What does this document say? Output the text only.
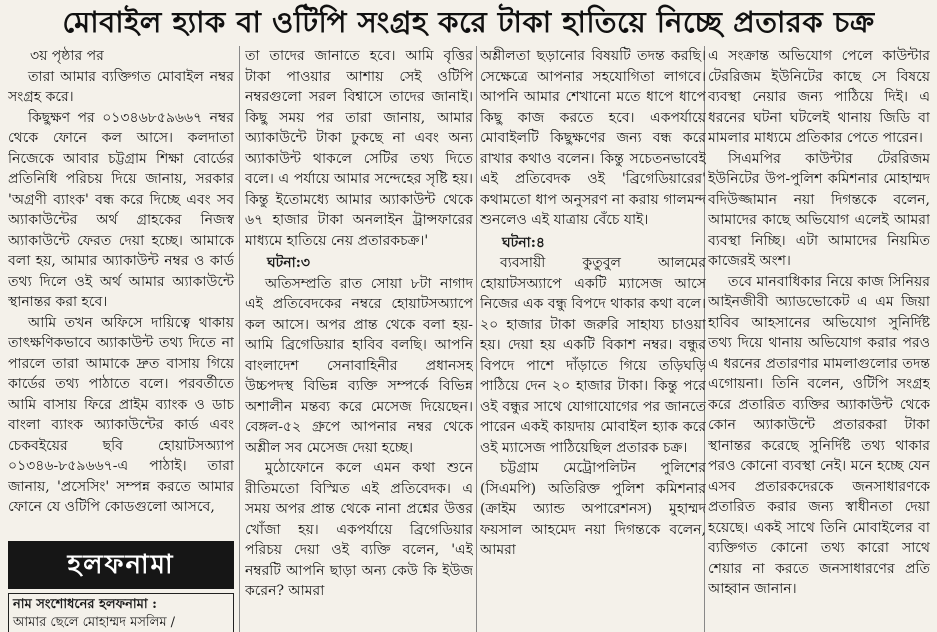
মোবাইল হ্যাক বা ওটিপি সংগ্রহ করে টাকা হাতিয়ে নিচ্ছে প্রতারক চক্র

৩য় পৃষ্ঠার পর

তারা আমার ব্যক্তিগত মোবাইল নম্বর সংগ্রহ করে।

কিছুক্ষণ পর ০১৩৪৬৮৫৯৬৬৭ নম্বর থেকে ফোনে কল আসে। কলদাতা নিজেকে আবার চট্টগ্রাম শিক্ষা বোর্ডের প্রতিনিধি পরিচয় দিয়ে জানায়, সরকার 'অগ্রণী ব্যাংক' বন্ধ করে দিচ্ছে এবং সব অ্যাকাউন্টের অর্থ গ্রাহকের নিজস্ব অ্যাকাউন্টে ফেরত দেয়া হচ্ছে। আমাকে বলা হয়, আমার অ্যাকাউন্ট নম্বর ও কার্ড তথ্য দিলে ওই অর্থ আমার অ্যাকাউন্টে স্থানান্তর করা হবে।

আমি তখন অফিসে দায়িত্বে থাকায় তাৎক্ষণিকভাবে অ্যাকাউন্ট তথ্য দিতে না পারলে তারা আমাকে দ্রুত বাসায় গিয়ে কার্ডের তথ্য পাঠাতে বলে। পরবর্তীতে আমি বাসায় ফিরে প্রাইম ব্যাংক ও ডাচ বাংলা ব্যাংক অ্যাকাউন্টের কার্ড এবং চেকবইয়ের ছবি হোয়াটসঅ্যাপ ০১৩৪৬-৮৫৯৬৬৭-এ পাঠাই। তারা জানায়, 'প্রসেসিং' সম্পন্ন করতে আমার ফোনে যে ওটিপি কোডগুলো আসবে,

হলফনামা
নাম সংশোধনের হলফনামা :
আমার ছেলে মোহাম্মদ মসলিম /

তা তাদের জানাতে হবে। আমি বৃত্তির টাকা পাওয়ার আশায় সেই ওটিপি নম্বরগুলো সরল বিশ্বাসে তাদের জানাই। কিছু সময় পর তারা জানায়, আমার অ্যাকাউন্টে টাকা ঢুকছে না এবং অন্য অ্যাকাউন্ট থাকলে সেটির তথ্য দিতে বলে। এ পর্যায়ে আমার সন্দেহের সৃষ্টি হয়। কিন্তু ইতোমধ্যে আমার অ্যাকাউন্ট থেকে ৬৭ হাজার টাকা অনলাইন ট্রান্সফারের মাধ্যমে হাতিয়ে নেয় প্রতারকচক্র।'

ঘটনা:৩

অতিসম্প্রতি রাত সোয়া ৮টা নাগাদ এই প্রতিবেদকের নম্বরে হোয়াটসঅ্যাপে কল আসে। অপর প্রান্ত থেকে বলা হয়- আমি ব্রিগেডিয়ার হাবিব বলছি। আপনি বাংলাদেশ সেনাবাহিনীর প্রধানসহ উচ্চপদস্থ বিভিন্ন ব্যক্তি সম্পর্কে বিভিন্ন অশালীন মন্তব্য করে মেসেজ দিয়েছেন। বেঙ্গল-৫২ গ্রুপে আপনার নম্বর থেকে অশ্লীল সব মেসেজ দেয়া হচ্ছে।

মুঠোফোনে কলে এমন কথা শুনে রীতিমতো বিস্মিত এই প্রতিবেদক। এ সময় অপর প্রান্ত থেকে নানা প্রশ্নের উত্তর খোঁজা হয়। একপর্যায়ে ব্রিগেডিয়ার পরিচয় দেয়া ওই ব্যক্তি বলেন, 'এই নম্বরটি আপনি ছাড়া অন্য কেউ কি ইউজ করেন? আমরা

অশ্লীলতা ছড়ানোর বিষয়টি তদন্ত করছি। সেক্ষেত্রে আপনার সহযোগিতা লাগবে। আপনি আমার শেখানো মতে ধাপে ধাপে কিছু কাজ করতে হবে। একপর্যায়ে মোবাইলটি কিছুক্ষণের জন্য বন্ধ করে রাখার কথাও বলেন। কিন্তু সচেতনভাবেই এই প্রতিবেদক ওই 'ব্রিগেডিয়ারের' কথামতো ধাপ অনুসরণ না করায় গালমন্দ শুনলেও এই যাত্রায় বেঁচে যাই।

ঘটনা:৪

ব্যবসায়ী কুতুবুল আলমের হোয়াটসঅ্যাপে একটি ম্যাসেজ আসে নিজের এক বন্ধু বিপদে থাকার কথা বলে। ২০ হাজার টাকা জরুরি সাহায্য চাওয়া হয়। দেয়া হয় একটি বিকাশ নম্বর। বন্ধুর বিপদে পাশে দাঁড়াতে গিয়ে তড়িঘড়ি পাঠিয়ে দেন ২০ হাজার টাকা। কিন্তু পরে ওই বন্ধুর সাথে যোগাযোগের পর জানতে পারেন একই কায়দায় মোবাইল হ্যাক করে ওই ম্যাসেজ পাঠিয়েছিল প্রতারক চক্র।

চট্টগ্রাম মেট্রোপলিটন পুলিশের (সিএমপি) অতিরিক্ত পুলিশ কমিশনার (ক্রাইম অ্যান্ড অপারেশনস) মুহাম্মদ ফয়সাল আহমেদ নয়া দিগন্তকে বলেন, আমরা

এ সংক্রান্ত অভিযোগ পেলে কাউন্টার টেররিজম ইউনিটের কাছে সে বিষয়ে ব্যবস্থা নেয়ার জন্য পাঠিয়ে দিই। এ ধরনের ঘটনা ঘটলেই থানায় জিডি বা মামলার মাধ্যমে প্রতিকার পেতে পারেন।

সিএমপির কাউন্টার টেররিজম ইউনিটের উপ-পুলিশ কমিশনার মোহাম্মদ বদিউজ্জামান নয়া দিগন্তকে বলেন, আমাদের কাছে অভিযোগ এলেই আমরা ব্যবস্থা নিচ্ছি। এটা আমাদের নিয়মিত কাজেরই অংশ।

তবে মানবাধিকার নিয়ে কাজ সিনিয়র আইনজীবী অ্যাডভোকেট এ এম জিয়া হাবিব আহসানের অভিযোগ সুনির্দিষ্ট তথ্য দিয়ে থানায় অভিযোগ করার পরও এ ধরনের প্রতারণার মামলাগুলোর তদন্ত এগোয়না। তিনি বলেন, ওটিপি সংগ্রহ করে প্রতারিত ব্যক্তির অ্যাকাউন্ট থেকে কোন অ্যাকাউন্টে প্রতারকরা টাকা স্থানান্তর করেছে সুনির্দিষ্ট তথ্য থাকার পরও কোনো ব্যবস্থা নেই। মনে হচ্ছে যেন এসব প্রতারকদেরকে জনসাধারণকে প্রতারিত করার জন্য স্বাধীনতা দেয়া হয়েছে। একই সাথে তিনি মোবাইলের বা ব্যক্তিগত কোনো তথ্য কারো সাথে শেয়ার না করতে জনসাধারণের প্রতি আহ্বান জানান।
